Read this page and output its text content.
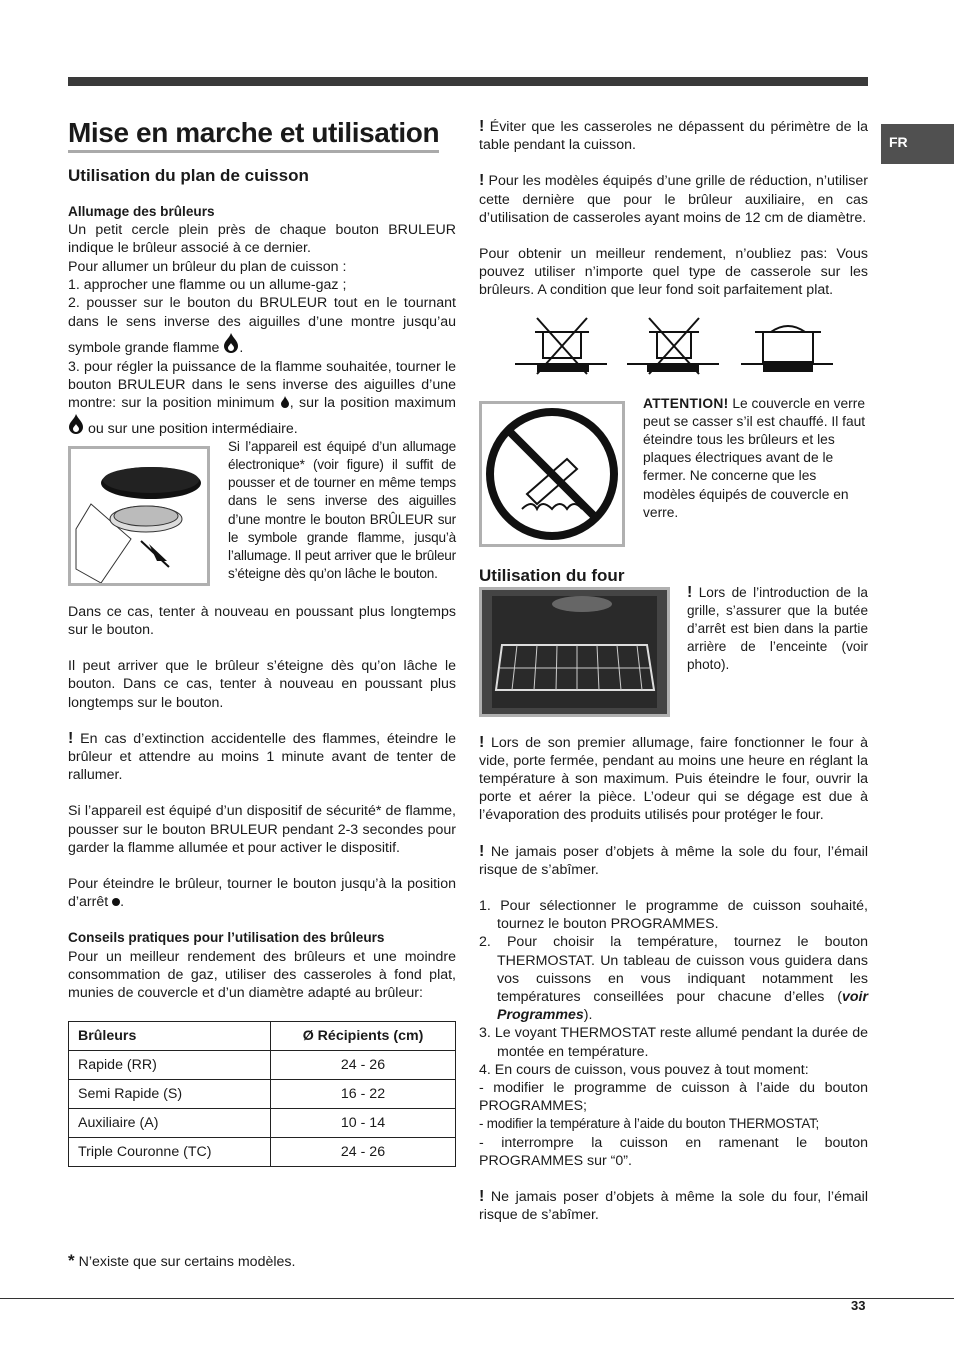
FR
Mise en marche et utilisation
Utilisation du plan de cuisson

Allumage des brûleurs

Un petit cercle plein près de chaque bouton BRULEUR indique le brûleur associé à ce dernier.

Pour allumer un brûleur du plan de cuisson :

1. approcher une flamme ou un allume-gaz ;

2. pousser sur le bouton du BRULEUR tout en le tournant dans le sens inverse des aiguilles d’une montre jusqu’au symbole grande flamme .

3. pour régler la puissance de la flamme souhaitée, tourner le bouton BRULEUR dans le sens inverse des aiguilles d’une montre: sur la position minimum , sur la position maximum  ou sur une position intermédiaire.

Si l’appareil est équipé d’un allumage électronique* (voir figure) il suffit de pousser et de tourner en même temps dans le sens inverse des aiguilles d’une montre le bouton BRÛLEUR sur le symbole grande flamme, jusqu’à l’allumage. Il peut arriver que le brûleur s’éteigne dès qu’on lâche le bouton.

Dans ce cas, tenter à nouveau en poussant plus longtemps sur le bouton.

Il peut arriver que le brûleur s’éteigne dès qu’on lâche le bouton. Dans ce cas, tenter à nouveau en poussant plus longtemps sur le bouton.

! En cas d’extinction accidentelle des flammes, éteindre le brûleur et attendre au moins 1 minute avant de tenter de rallumer.

Si l’appareil est équipé d’un dispositif de sécurité* de flamme, pousser sur le bouton BRULEUR pendant 2-3 secondes pour garder la flamme allumée et pour activer le dispositif.

Pour éteindre le brûleur, tourner le bouton jusqu’à la position d’arrêt .

Conseils pratiques pour l’utilisation des brûleurs

Pour un meilleur rendement des brûleurs et une moindre consommation de gaz, utiliser des casseroles à fond plat, munies de couvercle et d’un diamètre adapté au brûleur:

Brûleurs	Ø Récipients (cm)
Rapide (RR)	24 - 26
Semi Rapide (S)	16 - 22
Auxiliaire (A)	10 - 14
Triple Couronne (TC)	24 - 26
* N’existe que sur certains modèles.

! Éviter que les casseroles ne dépassent du périmètre de la table pendant la cuisson.

! Pour les modèles équipés d’une grille de réduction, n’utiliser cette dernière que pour le brûleur auxiliaire, en cas d’utilisation de casseroles ayant moins de 12 cm de diamètre.

Pour obtenir un meilleur rendement, n’oubliez pas: Vous pouvez utiliser n’importe quel type de casserole sur les brûleurs. A condition que leur fond soit parfaitement plat.

ATTENTION! Le couvercle en verre peut se casser s’il est chauffé. Il faut éteindre tous les brûleurs et les plaques électriques avant de le fermer. Ne concerne que les modèles équipés de couvercle en verre.

Utilisation du four

! Lors de l’introduction de la grille, s’assurer que la butée d’arrêt est bien dans la partie arrière de l’enceinte (voir photo).

! Lors de son premier allumage, faire fonctionner le four à vide, porte fermée, pendant au moins une heure en réglant la température à son maximum. Puis éteindre le four, ouvrir la porte et aérer la pièce. L’odeur qui se dégage est due à l’évaporation des produits utilisés pour protéger le four.

! Ne jamais poser d’objets à même la sole du four, l’émail risque de s’abîmer.

1. Pour sélectionner le programme de cuisson souhaité, tournez le bouton PROGRAMMES.

2. Pour choisir la température, tournez le bouton THERMOSTAT. Un tableau de cuisson vous guidera dans vos cuissons en vous indiquant notamment les températures conseillées pour chacune d’elles (voir Programmes).

3. Le voyant THERMOSTAT reste allumé pendant la durée de montée en température.

4. En cours de cuisson, vous pouvez à tout moment:

- modifier le programme de cuisson à l’aide du bouton PROGRAMMES;

- modifier la température à l’aide du bouton THERMOSTAT;

- interrompre la cuisson en ramenant le bouton PROGRAMMES sur “0”.

! Ne jamais poser d’objets à même la sole du four, l’émail risque de s’abîmer.

33
